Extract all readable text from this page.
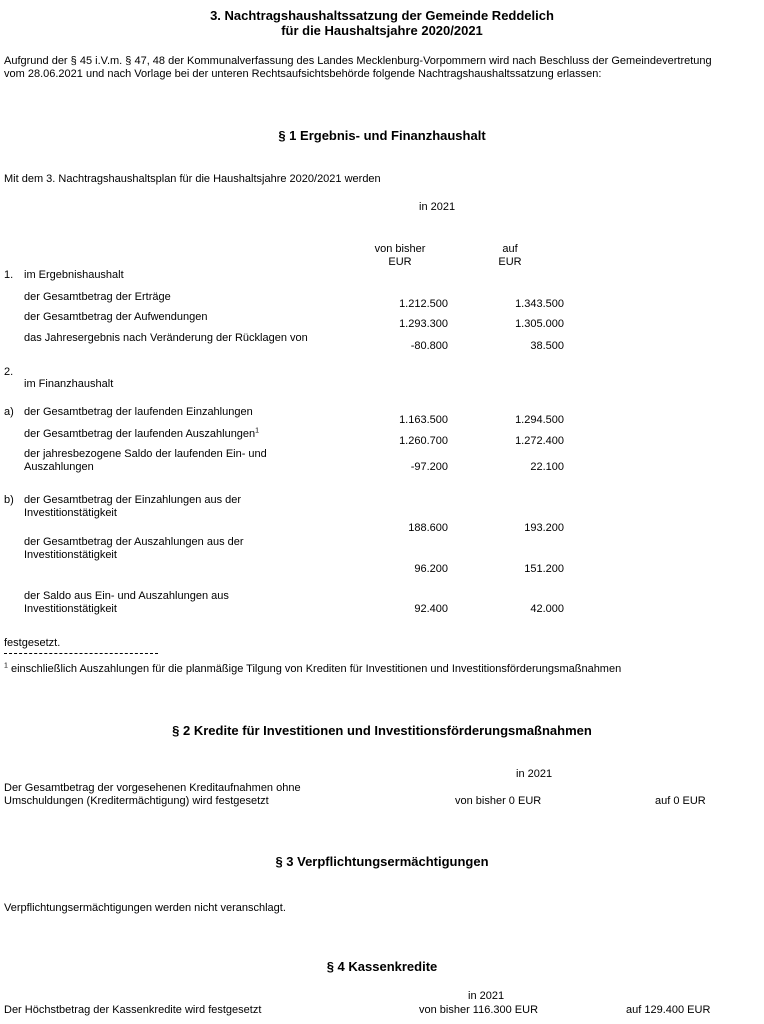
3. Nachtragshaushaltssatzung der Gemeinde Reddelich
für die Haushaltsjahre 2020/2021
Aufgrund der § 45 i.V.m. § 47, 48 der Kommunalverfassung des Landes Mecklenburg-Vorpommern wird nach Beschluss der Gemeindevertretung
vom 28.06.2021 und nach Vorlage bei der unteren Rechtsaufsichtsbehörde folgende Nachtragshaushaltssatzung erlassen:
§ 1 Ergebnis- und Finanzhaushalt
Mit dem 3. Nachtragshaushaltsplan für die Haushaltsjahre 2020/2021 werden
in 2021
von bisher
EUR
auf
EUR
1. im Ergebnishaushalt
der Gesamtbetrag der Erträge
1.212.500	1.343.500
der Gesamtbetrag der Aufwendungen
1.293.300	1.305.000
das Jahresergebnis nach Veränderung der Rücklagen von
-80.800	38.500
2.
im Finanzhaushalt
a) der Gesamtbetrag der laufenden Einzahlungen
1.163.500	1.294.500
der Gesamtbetrag der laufenden Auszahlungen$^1$
1.260.700	1.272.400
der jahresbezogene Saldo der laufenden Ein- und
Auszahlungen	-97.200	22.100
b) der Gesamtbetrag der Einzahlungen aus der
Investitionstätigkeit
188.600	193.200
der Gesamtbetrag der Auszahlungen aus der
Investitionstätigkeit
96.200	151.200
der Saldo aus Ein- und Auszahlungen aus
Investitionstätigkeit	92.400	42.000
festgesetzt.
$^1$ einschließlich Auszahlungen für die planmäßige Tilgung von Krediten für Investitionen und Investitionsförderungsmaßnahmen
§ 2 Kredite für Investitionen und Investitionsförderungsmaßnahmen
in 2021
Der Gesamtbetrag der vorgesehenen Kreditaufnahmen ohne
Umschuldungen (Kreditermächtigung) wird festgesetzt	von bisher 0 EUR	auf 0 EUR
§ 3 Verpflichtungsermächtigungen
Verpflichtungsermächtigungen werden nicht veranschlagt.
§ 4 Kassenkredite
in 2021
Der Höchstbetrag der Kassenkredite wird festgesetzt	von bisher 116.300 EUR	auf 129.400 EUR
